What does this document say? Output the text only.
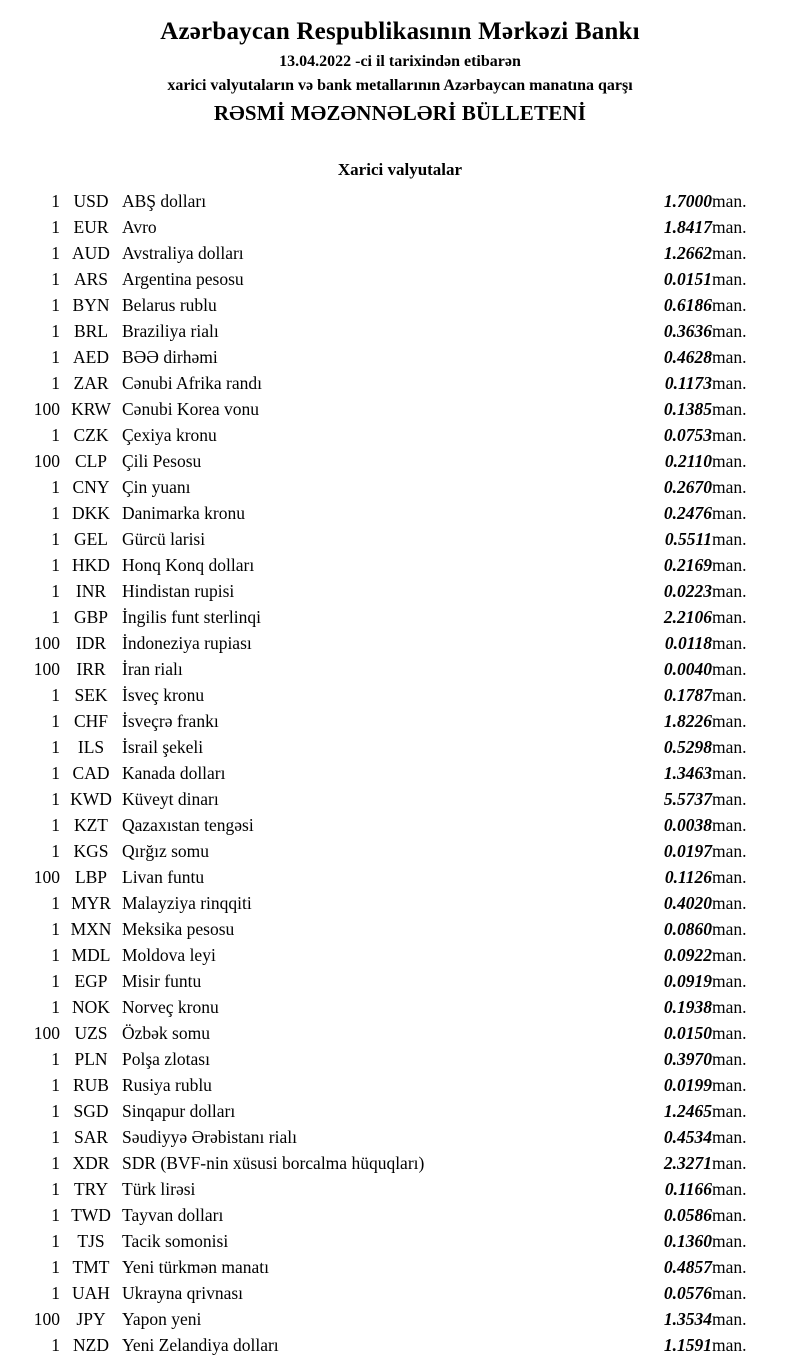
Azərbaycan Respublikasının Mərkəzi Bankı
13.04.2022 -ci il tarixindən etibarən
xarici valyutaların və bank metallarının Azərbaycan manatına qarşı
RƏSMİ MƏZƏNNƏLƏRİ BÜLLETENİ
Xarici valyutalar
1	USD	ABŞ dolları	1.7000	man.
1	EUR	Avro	1.8417	man.
1	AUD	Avstraliya dolları	1.2662	man.
1	ARS	Argentina pesosu	0.0151	man.
1	BYN	Belarus rublu	0.6186	man.
1	BRL	Braziliya rialı	0.3636	man.
1	AED	BƏƏ dirhəmi	0.4628	man.
1	ZAR	Cənubi Afrika randı	0.1173	man.
100	KRW	Cənubi Korea vonu	0.1385	man.
1	CZK	Çexiya kronu	0.0753	man.
100	CLP	Çili Pesosu	0.2110	man.
1	CNY	Çin yuanı	0.2670	man.
1	DKK	Danimarka kronu	0.2476	man.
1	GEL	Gürcü larisi	0.5511	man.
1	HKD	Honq Konq dolları	0.2169	man.
1	INR	Hindistan rupisi	0.0223	man.
1	GBP	İngilis funt sterlinqi	2.2106	man.
100	IDR	İndoneziya rupiası	0.0118	man.
100	IRR	İran rialı	0.0040	man.
1	SEK	İsveç kronu	0.1787	man.
1	CHF	İsveçrə frankı	1.8226	man.
1	ILS	İsrail şekeli	0.5298	man.
1	CAD	Kanada dolları	1.3463	man.
1	KWD	Küveyt dinarı	5.5737	man.
1	KZT	Qazaxıstan tengəsi	0.0038	man.
1	KGS	Qırğız somu	0.0197	man.
100	LBP	Livan funtu	0.1126	man.
1	MYR	Malayziya rinqqiti	0.4020	man.
1	MXN	Meksika pesosu	0.0860	man.
1	MDL	Moldova leyi	0.0922	man.
1	EGP	Misir funtu	0.0919	man.
1	NOK	Norveç kronu	0.1938	man.
100	UZS	Özbək somu	0.0150	man.
1	PLN	Polşa zlotası	0.3970	man.
1	RUB	Rusiya rublu	0.0199	man.
1	SGD	Sinqapur dolları	1.2465	man.
1	SAR	Səudiyyə Ərəbistanı rialı	0.4534	man.
1	XDR	SDR (BVF-nin xüsusi borcalma hüquqları)	2.3271	man.
1	TRY	Türk lirəsi	0.1166	man.
1	TWD	Tayvan dolları	0.0586	man.
1	TJS	Tacik somonisi	0.1360	man.
1	TMT	Yeni türkmən manatı	0.4857	man.
1	UAH	Ukrayna qrivnası	0.0576	man.
100	JPY	Yapon yeni	1.3534	man.
1	NZD	Yeni Zelandiya dolları	1.1591	man.
